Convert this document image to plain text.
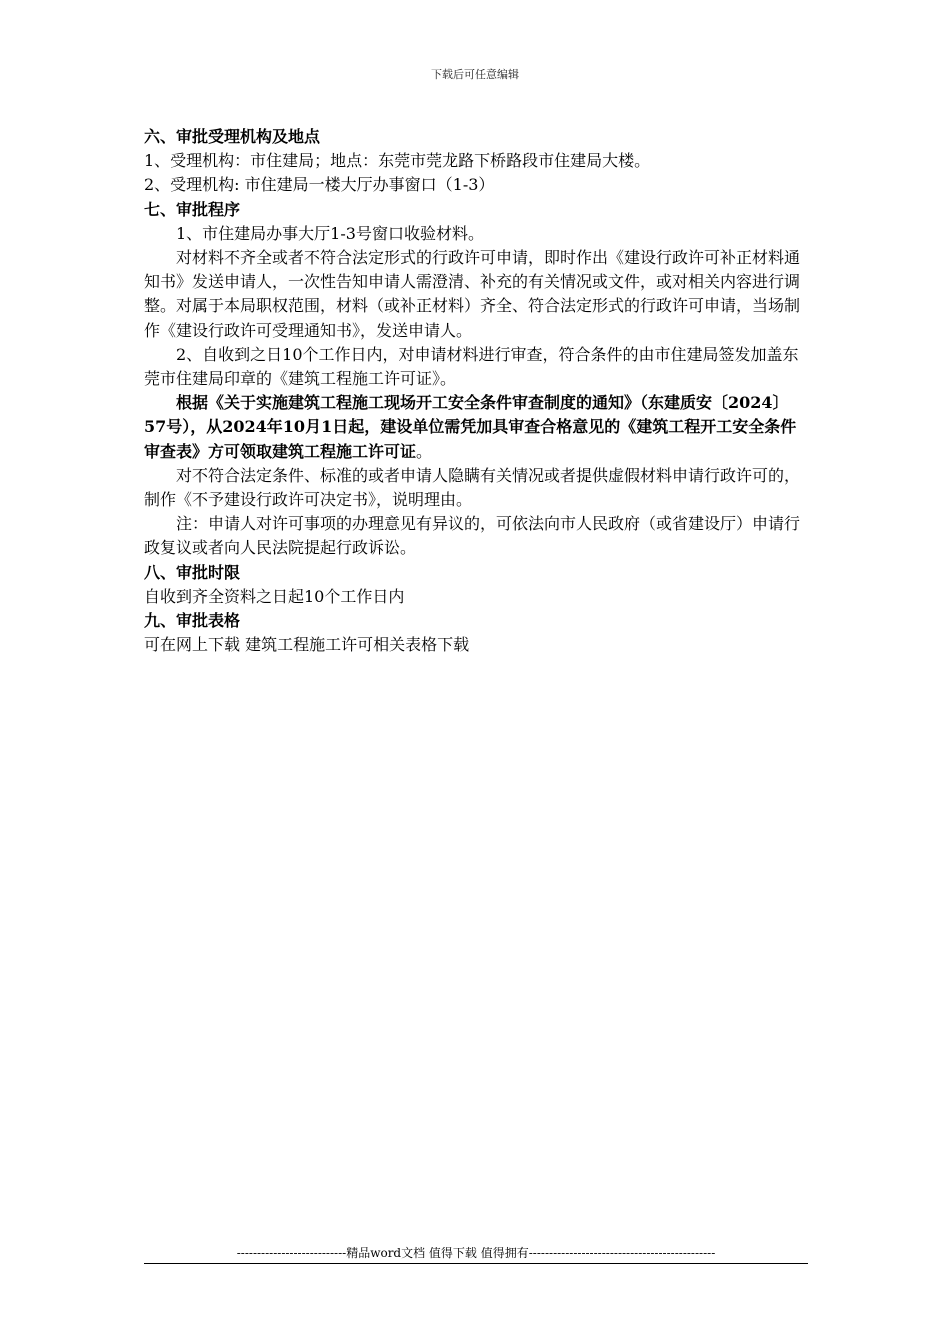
下载后可任意编辑

六、审批受理机构及地点

1、受理机构：市住建局；地点：东莞市莞龙路下桥路段市住建局大楼。

2、受理机构: 市住建局一楼大厅办事窗口（1-3）

七、审批程序

1、市住建局办事大厅1-3号窗口收验材料。

对材料不齐全或者不符合法定形式的行政许可申请，即时作出《建设行政许可补正材料通知书》发送申请人，一次性告知申请人需澄清、补充的有关情况或文件，或对相关内容进行调整。对属于本局职权范围，材料（或补正材料）齐全、符合法定形式的行政许可申请，当场制作《建设行政许可受理通知书》，发送申请人。

2、自收到之日10个工作日内，对申请材料进行审查，符合条件的由市住建局签发加盖东莞市住建局印章的《建筑工程施工许可证》。

根据《关于实施建筑工程施工现场开工安全条件审查制度的通知》（东建质安〔2024〕57号），从2024年10月1日起，建设单位需凭加具审查合格意见的《建筑工程开工安全条件审查表》方可领取建筑工程施工许可证。

对不符合法定条件、标准的或者申请人隐瞒有关情况或者提供虚假材料申请行政许可的，制作《不予建设行政许可决定书》，说明理由。

注：申请人对许可事项的办理意见有异议的，可依法向市人民政府（或省建设厅）申请行政复议或者向人民法院提起行政诉讼。

八、审批时限

自收到齐全资料之日起10个工作日内

九、审批表格

可在网上下载 建筑工程施工许可相关表格下载

---------------------------精品word文档 值得下载 值得拥有----------------------------------------------
